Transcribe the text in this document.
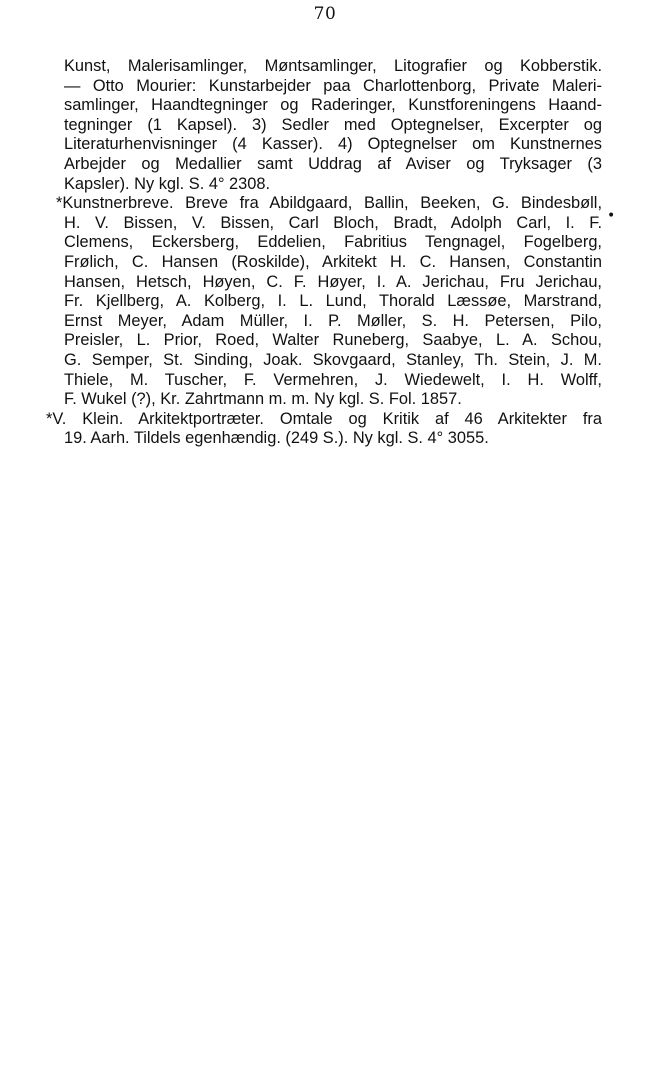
70
Kunst, Malerisamlinger, Møntsamlinger, Litografier og Kobberstik.
— Otto Mourier: Kunstarbejder paa Charlottenborg, Private Maleri-
samlinger, Haandtegninger og Raderinger, Kunstforeningens Haand-
tegninger (1 Kapsel). 3) Sedler med Optegnelser, Excerpter og
Literaturhenvisninger (4 Kasser). 4) Optegnelser om Kunstnernes
Arbejder og Medallier samt Uddrag af Aviser og Tryksager (3
Kapsler). Ny kgl. S. 4° 2308.
*Kunstnerbreve. Breve fra Abildgaard, Ballin, Beeken, G. Bindesbøll,
H. V. Bissen, V. Bissen, Carl Bloch, Bradt, Adolph Carl, I. F.
Clemens, Eckersberg, Eddelien, Fabritius Tengnagel, Fogelberg,
Frølich, C. Hansen (Roskilde), Arkitekt H. C. Hansen, Constantin
Hansen, Hetsch, Høyen, C. F. Høyer, I. A. Jerichau, Fru Jerichau,
Fr. Kjellberg, A. Kolberg, I. L. Lund, Thorald Læssøe, Marstrand,
Ernst Meyer, Adam Müller, I. P. Møller, S. H. Petersen, Pilo,
Preisler, L. Prior, Roed, Walter Runeberg, Saabye, L. A. Schou,
G. Semper, St. Sinding, Joak. Skovgaard, Stanley, Th. Stein, J. M.
Thiele, M. Tuscher, F. Vermehren, J. Wiedewelt, I. H. Wolff,
F. Wukel (?), Kr. Zahrtmann m. m. Ny kgl. S. Fol. 1857.
*V. Klein. Arkitektportræter. Omtale og Kritik af 46 Arkitekter fra
19. Aarh. Tildels egenhændig. (249 S.). Ny kgl. S. 4° 3055.
•
